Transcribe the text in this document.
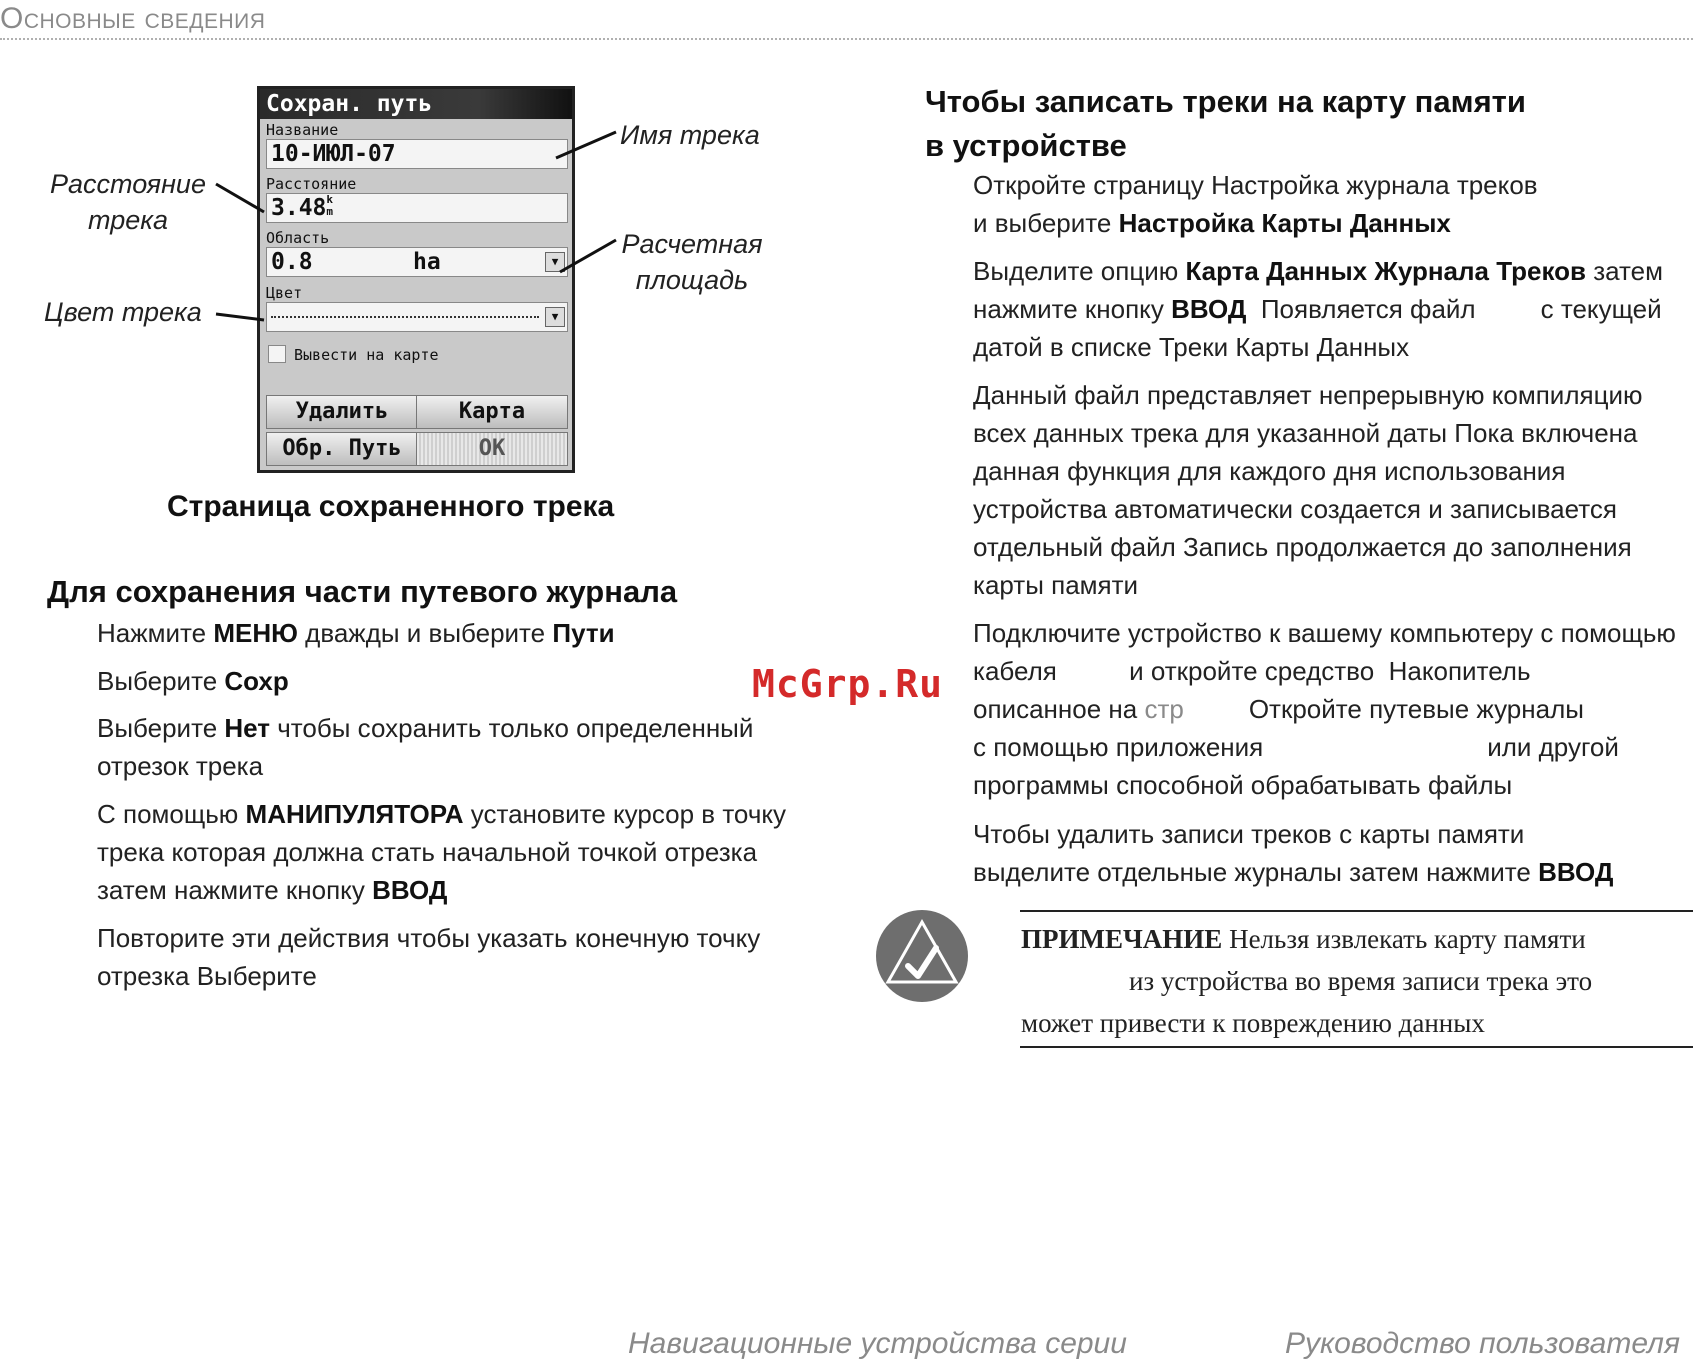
Основные сведения
Сохран. путь
Название
10-ИЮЛ-07
Расстояние
3.48 k
m
Область
0.8	ha	▼
Цвет
▼
Вывести на карте
Удалить	Карта
Обр. Путь	OK
Имя трека
Расстояние
трека
Расчетная
площадь
Цвет трека
Страница сохраненного трека
Для сохранения части путевого журнала
Нажмите МЕНЮ дважды и выберите Пути
Выберите Сохр
Выберите Нет чтобы сохранить только определенный
отрезок трека
С помощью МАНИПУЛЯТОРА установите курсор в точку
трека которая должна стать начальной точкой отрезка
затем нажмите кнопку ВВОД
Повторите эти действия чтобы указать конечную точку
отрезка Выберите
McGrp.Ru
Чтобы записать треки на карту памяти
в устройстве
Откройте страницу Настройка журнала треков
и выберите Настройка Карты Данных
Выделите опцию Карта Данных Журнала Треков затем
нажмите кнопку ВВОД  Появляется файл         с текущей
датой в списке Треки Карты Данных
Данный файл представляет непрерывную компиляцию
всех данных трека для указанной даты Пока включена
данная функция для каждого дня использования
устройства автоматически создается и записывается
отдельный файл Запись продолжается до заполнения
карты памяти
Подключите устройство к вашему компьютеру с помощью
кабеля          и откройте средство  Накопитель
описанное на стр         Откройте путевые журналы
с помощью приложения                               или другой
программы способной обрабатывать файлы
Чтобы удалить записи треков с карты памяти
выделите отдельные журналы затем нажмите ВВОД
ПРИМЕЧАНИЕ Нельзя извлекать карту памяти
из устройства во время записи трека это
может привести к повреждению данных
Навигационные устройства серии	Руководство пользователя
